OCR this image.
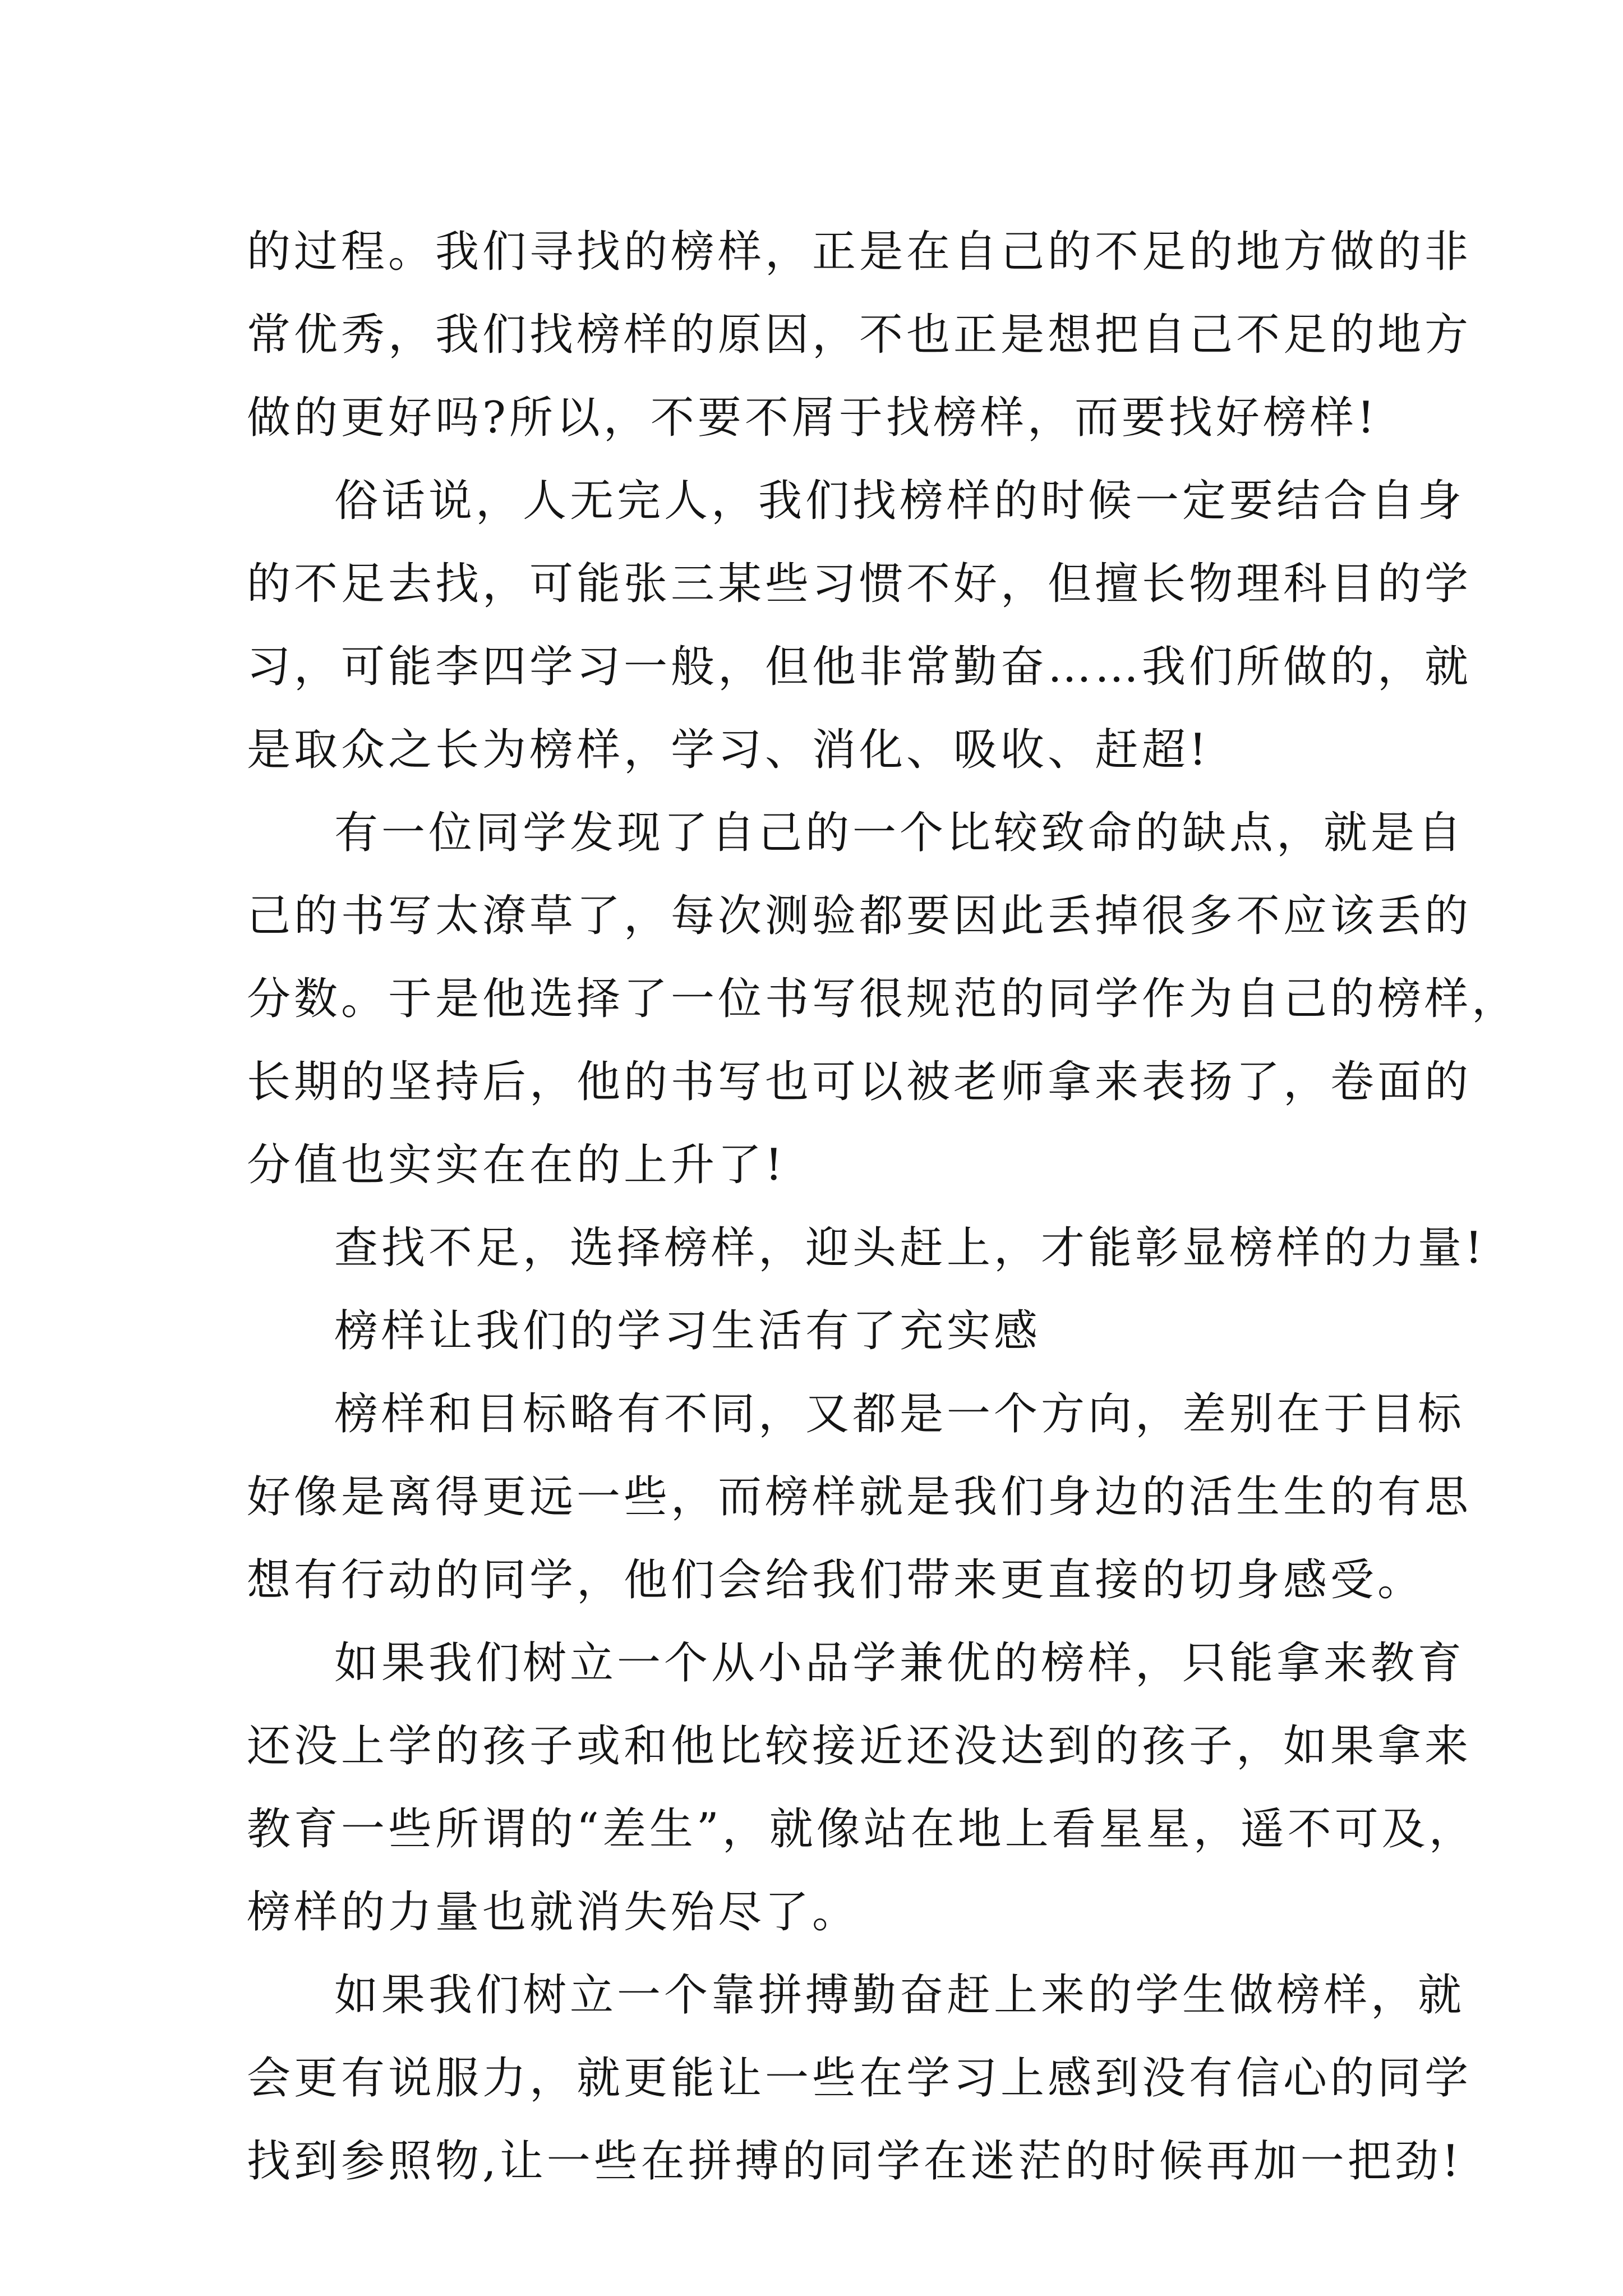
的过程。我们寻找的榜样，正是在自己的不足的地方做的非
常优秀，我们找榜样的原因，不也正是想把自己不足的地方
做的更好吗?所以，不要不屑于找榜样，而要找好榜样!

俗话说，人无完人，我们找榜样的时候一定要结合自身
的不足去找，可能张三某些习惯不好，但擅长物理科目的学
习，可能李四学习一般，但他非常勤奋……我们所做的，就
是取众之长为榜样，学习、消化、吸收、赶超!

有一位同学发现了自己的一个比较致命的缺点，就是自
己的书写太潦草了，每次测验都要因此丢掉很多不应该丢的
分数。于是他选择了一位书写很规范的同学作为自己的榜样，
长期的坚持后，他的书写也可以被老师拿来表扬了，卷面的
分值也实实在在的上升了!

查找不足，选择榜样，迎头赶上，才能彰显榜样的力量!

榜样让我们的学习生活有了充实感

榜样和目标略有不同，又都是一个方向，差别在于目标
好像是离得更远一些，而榜样就是我们身边的活生生的有思
想有行动的同学，他们会给我们带来更直接的切身感受。

如果我们树立一个从小品学兼优的榜样，只能拿来教育
还没上学的孩子或和他比较接近还没达到的孩子，如果拿来
教育一些所谓的“差生”，就像站在地上看星星，遥不可及，
榜样的力量也就消失殆尽了。

如果我们树立一个靠拼搏勤奋赶上来的学生做榜样，就
会更有说服力，就更能让一些在学习上感到没有信心的同学
找到参照物,让一些在拼搏的同学在迷茫的时候再加一把劲!
